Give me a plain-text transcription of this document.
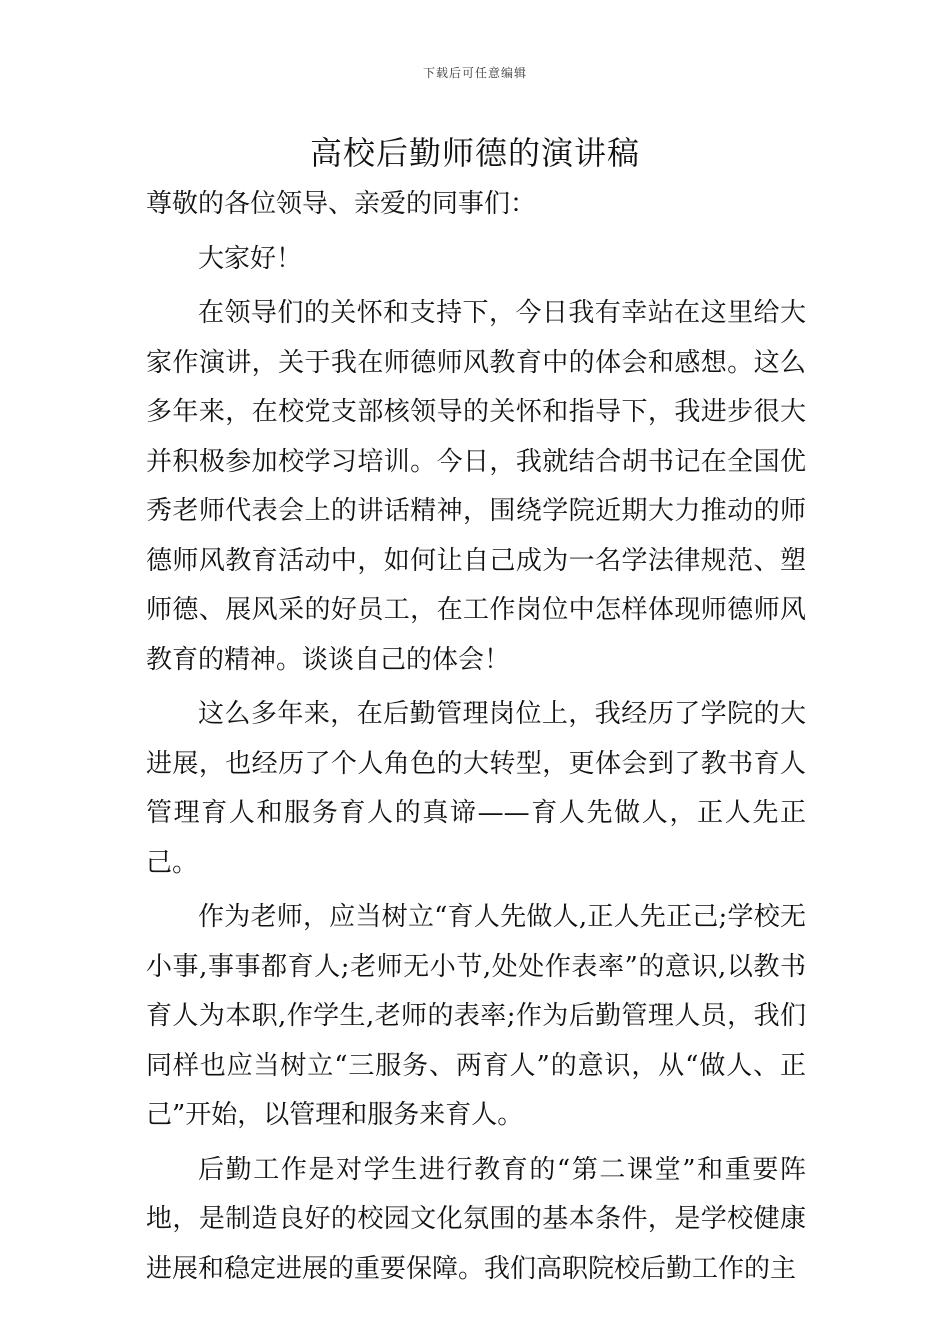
下载后可任意编辑
高校后勤师德的演讲稿

尊敬的各位领导、亲爱的同事们：

大家好！

在领导们的关怀和支持下，今日我有幸站在这里给大家作演讲，关于我在师德师风教育中的体会和感想。这么多年来，在校党支部核领导的关怀和指导下，我进步很大并积极参加校学习培训。今日，我就结合胡书记在全国优秀老师代表会上的讲话精神，围绕学院近期大力推动的师德师风教育活动中，如何让自己成为一名学法律规范、塑师德、展风采的好员工，在工作岗位中怎样体现师德师风教育的精神。谈谈自己的体会！

这么多年来，在后勤管理岗位上，我经历了学院的大进展，也经历了个人角色的大转型，更体会到了教书育人管理育人和服务育人的真谛——育人先做人，正人先正己。

作为老师，应当树立“育人先做人,正人先正己;学校无小事,事事都育人;老师无小节,处处作表率”的意识,以教书育人为本职,作学生,老师的表率;作为后勤管理人员，我们同样也应当树立“三服务、两育人”的意识，从“做人、正己”开始，以管理和服务来育人。

后勤工作是对学生进行教育的“第二课堂”和重要阵地，是制造良好的校园文化氛围的基本条件，是学校健康进展和稳定进展的重要保障。我们高职院校后勤工作的主
